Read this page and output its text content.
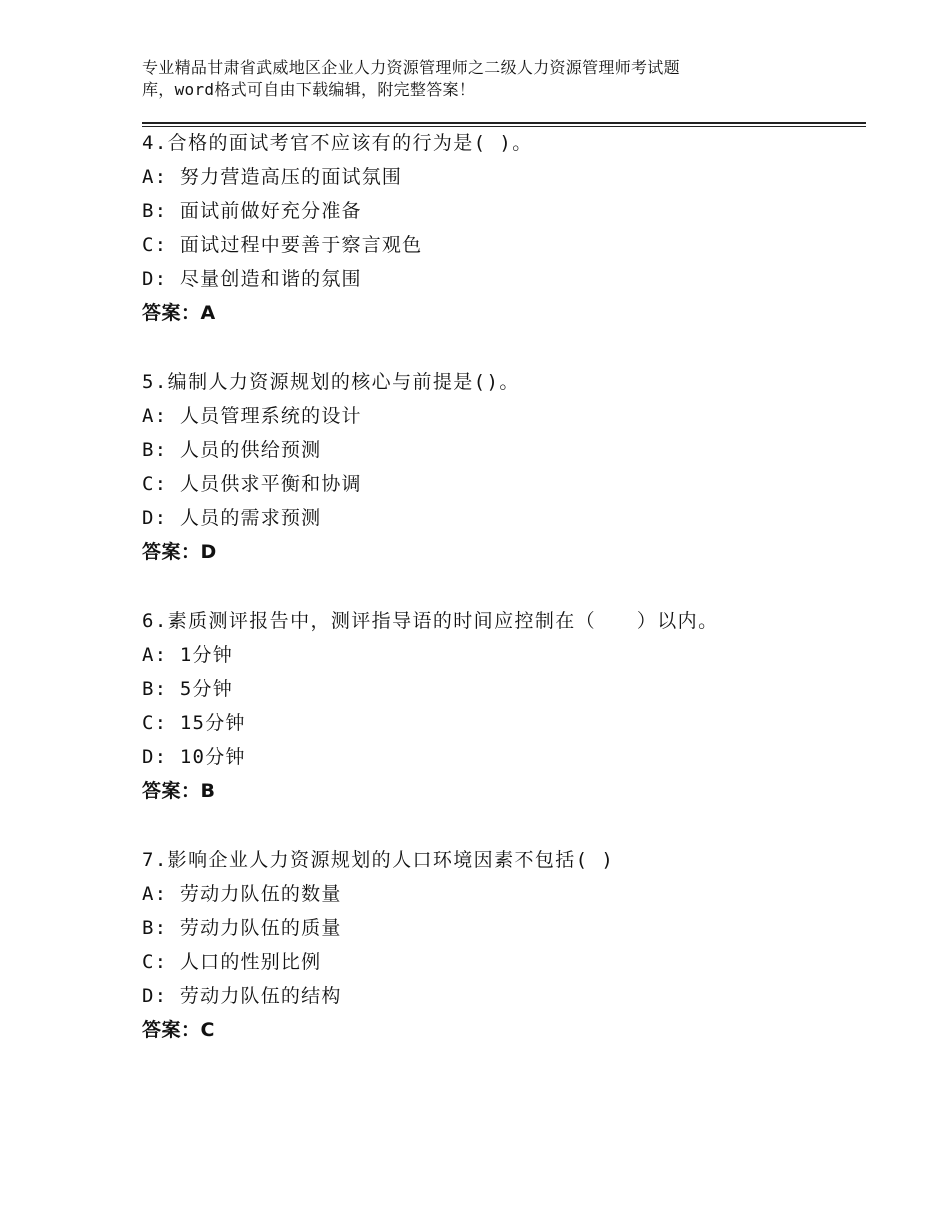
专业精品甘肃省武威地区企业人力资源管理师之二级人力资源管理师考试题
库，word格式可自由下载编辑，附完整答案！
4.合格的面试考官不应该有的行为是( )。
A: 努力营造高压的面试氛围
B: 面试前做好充分准备
C: 面试过程中要善于察言观色
D: 尽量创造和谐的氛围
答案：A
5.编制人力资源规划的核心与前提是()。
A: 人员管理系统的设计
B: 人员的供给预测
C: 人员供求平衡和协调
D: 人员的需求预测
答案：D
6.素质测评报告中，测评指导语的时间应控制在（　　）以内。
A: 1分钟
B: 5分钟
C: 15分钟
D: 10分钟
答案：B
7.影响企业人力资源规划的人口环境因素不包括( )
A: 劳动力队伍的数量
B: 劳动力队伍的质量
C: 人口的性别比例
D: 劳动力队伍的结构
答案：C
